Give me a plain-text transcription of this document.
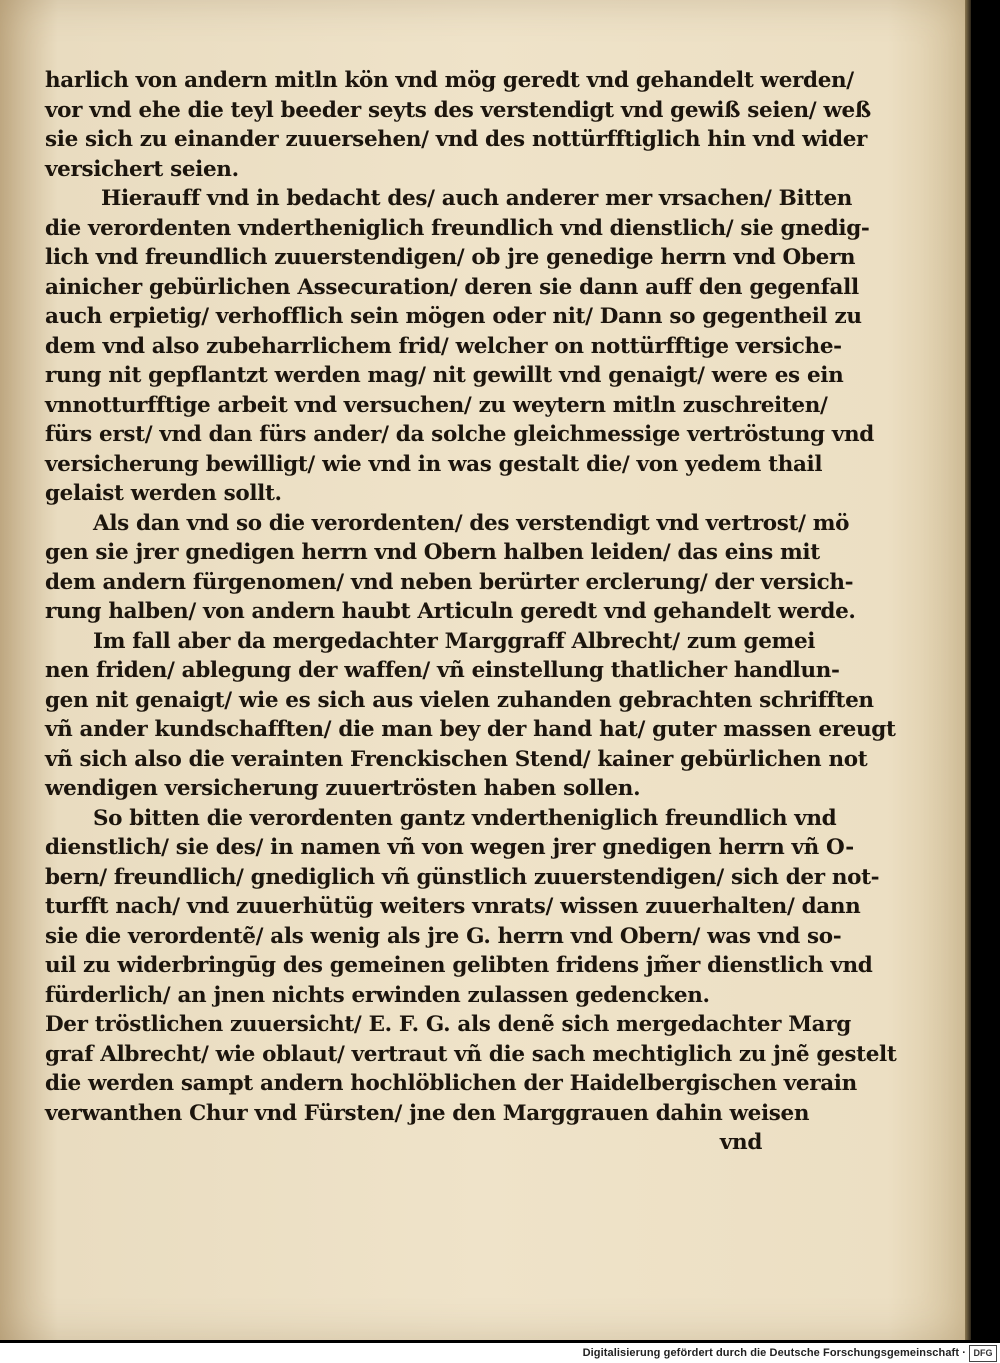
harlich von andern mitln kön vnd mög geredt vnd gehandelt werden/
vor vnd ehe die teyl beeder seyts des verstendigt vnd gewiß seien/ weß
sie sich zu einander zuuersehen/ vnd des nottürfftiglich hin vnd wider
versichert seien.
Hierauff vnd in bedacht des/ auch anderer mer vrsachen/ Bitten
die verordenten vndertheniglich freundlich vnd dienstlich/ sie gnedig-
lich vnd freundlich zuuerstendigen/ ob jre genedige herrn vnd Obern
ainicher gebürlichen Assecuration/ deren sie dann auff den gegenfall
auch erpietig/ verhofflich sein mögen oder nit/ Dann so gegentheil zu
dem vnd also zubeharrlichem frid/ welcher on nottürfftige versiche-
rung nit gepflantzt werden mag/ nit gewillt vnd genaigt/ were es ein
vnnotturfftige arbeit vnd versuchen/ zu weytern mitln zuschreiten/
fürs erst/ vnd dan fürs ander/ da solche gleichmessige vertröstung vnd
versicherung bewilligt/ wie vnd in was gestalt die/ von yedem thail
gelaist werden sollt.
Als dan vnd so die verordenten/ des verstendigt vnd vertrost/ mö
gen sie jrer gnedigen herrn vnd Obern halben leiden/ das eins mit
dem andern fürgenomen/ vnd neben berürter erclerung/ der versich-
rung halben/ von andern haubt Articuln geredt vnd gehandelt werde.
Im fall aber da mergedachter Marggraff Albrecht/ zum gemei
nen friden/ ablegung der waffen/ vñ einstellung thatlicher handlun-
gen nit genaigt/ wie es sich aus vielen zuhanden gebrachten schrifften
vñ ander kundschafften/ die man bey der hand hat/ guter massen ereugt
vñ sich also die verainten Frenckischen Stend/ kainer gebürlichen not
wendigen versicherung zuuertrösten haben sollen.
So bitten die verordenten gantz vndertheniglich freundlich vnd
dienstlich/ sie des/ in namen vñ von wegen jrer gnedigen herrn vñ O-
bern/ freundlich/ gnediglich vñ günstlich zuuerstendigen/ sich der not-
turfft nach/ vnd zuuerhütüg weiters vnrats/ wissen zuuerhalten/ dann
sie die verordentẽ/ als wenig als jre G. herrn vnd Obern/ was vnd so-
uil zu widerbringūg des gemeinen gelibten fridens jm̃er dienstlich vnd
fürderlich/ an jnen nichts erwinden zulassen gedencken.
Der tröstlichen zuuersicht/ E. F. G. als denẽ sich mergedachter Marg
graf Albrecht/ wie oblaut/ vertraut vñ die sach mechtiglich zu jnẽ gestelt
die werden sampt andern hochlöblichen der Haidelbergischen verain
verwanthen Chur vnd Fürsten/ jne den Marggrauen dahin weisen
vnd
Digitalisierung gefördert durch die Deutsche Forschungsgemeinschaft · DFG
